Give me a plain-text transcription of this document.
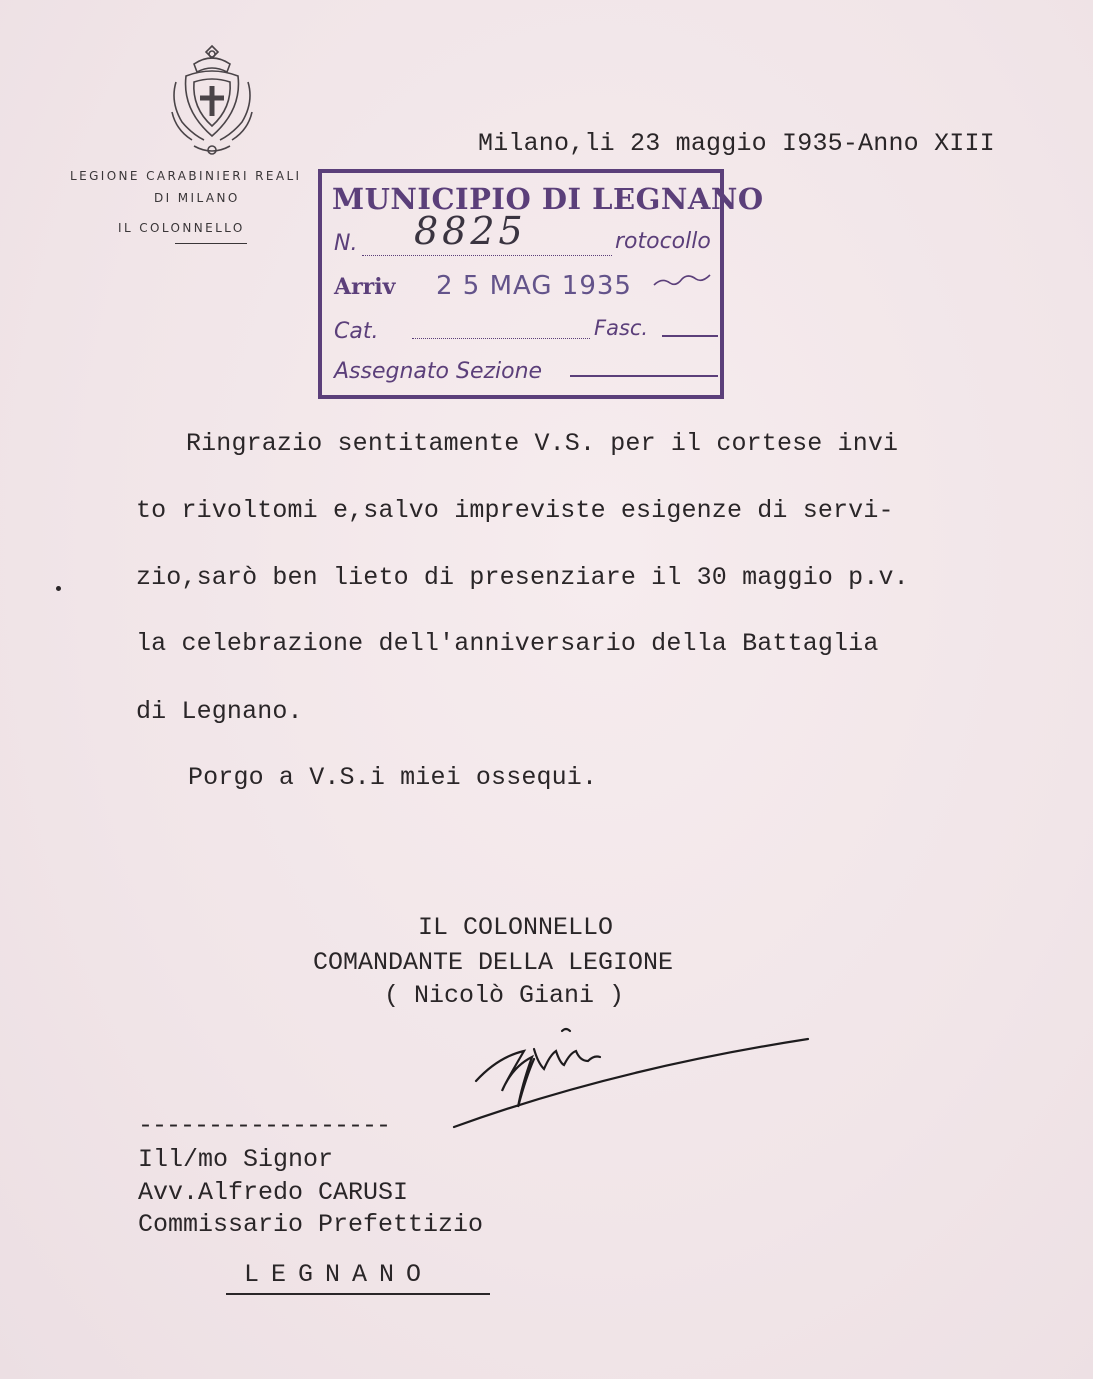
LEGIONE CARABINIERI REALI
DI MILANO
IL COLONNELLO
Milano,li 23 maggio I935-Anno XIII
MUNICIPIO DI LEGNANO
N. 8825	rotocollo
Arriv 2 5 MAG 1935
Cat.	Fasc.
Assegnato Sezione
Ringrazio sentitamente V.S. per il cortese invi
to rivoltomi e,salvo impreviste esigenze di servi-
zio,sarò ben lieto di presenziare il 30 maggio p.v.
la celebrazione dell'anniversario della Battaglia
di Legnano.
Porgo a V.S.i miei ossequi.
IL COLONNELLO
COMANDANTE DELLA LEGIONE
( Nicolò Giani )
------------------
Ill/mo Signor
Avv.Alfredo CARUSI
Commissario Prefettizio
LEGNANO
